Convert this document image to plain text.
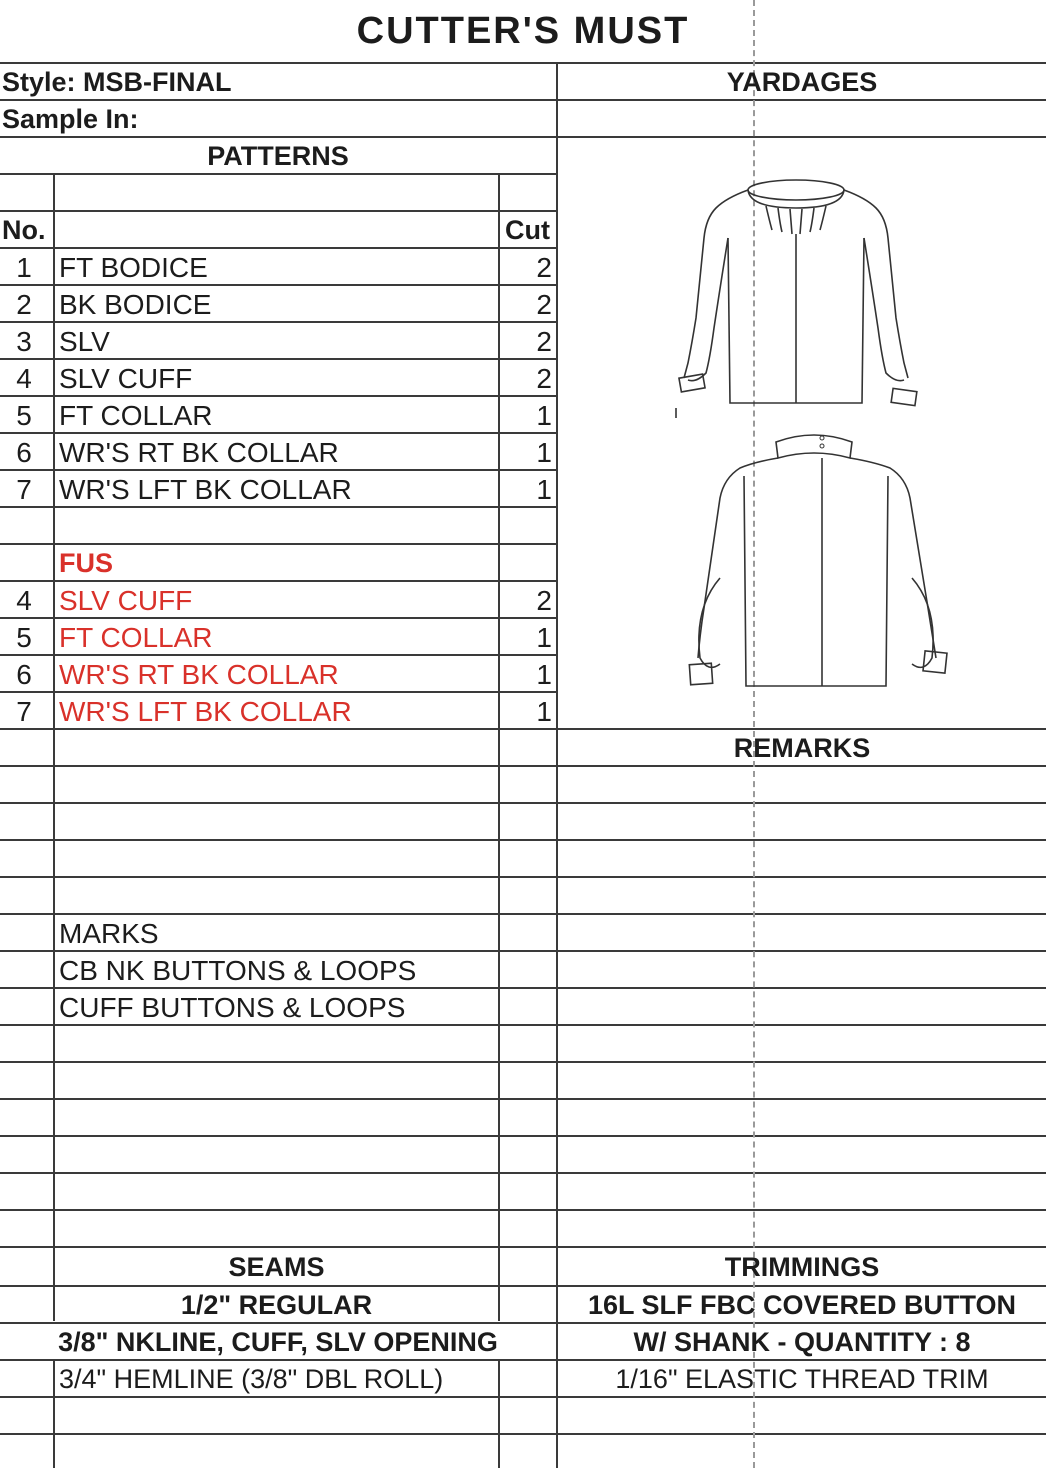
CUTTER'S MUST
Style: MSB-FINAL	YARDAGES
Sample In:
PATTERNS
No.	Cut
1 FT BODICE	2
2 BK BODICE	2
3 SLV	2
4 SLV CUFF	2
5 FT COLLAR	1
6 WR'S RT BK COLLAR	1
7 WR'S LFT BK COLLAR	1
FUS
4 SLV CUFF	2
5 FT COLLAR	1
6 WR'S RT BK COLLAR	1
7 WR'S LFT BK COLLAR	1
REMARKS
MARKS
CB NK BUTTONS & LOOPS
CUFF BUTTONS & LOOPS
SEAMS
1/2" REGULAR
3/8" NKLINE, CUFF, SLV OPENING
3/4" HEMLINE (3/8" DBL ROLL)
TRIMMINGS
16L SLF FBC COVERED BUTTON
W/ SHANK - QUANTITY : 8
1/16" ELASTIC THREAD TRIM
